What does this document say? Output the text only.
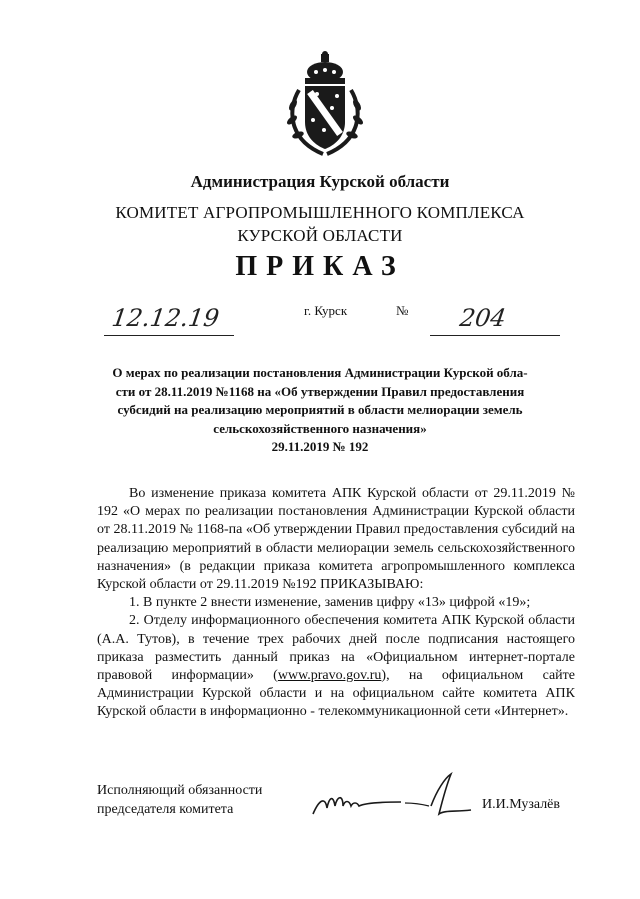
Администрация Курской области
КОМИТЕТ АГРОПРОМЫШЛЕННОГО КОМПЛЕКСА
КУРСКОЙ ОБЛАСТИ
ПРИКАЗ
12.12.19	г. Курск	№ 204
О мерах по реализации постановления Администрации Курской обла-
сти от 28.11.2019 №1168 на «Об утверждении Правил предоставления
субсидий на реализацию мероприятий в области мелиорации земель
сельскохозяйственного назначения»
29.11.2019 № 192

Во изменение приказа комитета АПК Курской области от 29.11.2019 № 192 «О мерах по реализации постановления Администрации Курской области от 28.11.2019 № 1168-па «Об утверждении Правил предоставления субсидий на реализацию мероприятий в области мелиорации земель сельскохозяйственного назначения» (в редакции приказа комитета агропромышленного комплекса Курской области от 29.11.2019 №192 ПРИКАЗЫВАЮ:

1. В пункте 2 внести изменение, заменив цифру «13» цифрой «19»;

2. Отделу информационного обеспечения комитета АПК Курской области (А.А. Тутов), в течение трех рабочих дней после подписания настоящего приказа разместить данный приказ на «Официальном интернет-портале правовой информации» (www.pravo.gov.ru), на официальном сайте Администрации Курской области и на официальном сайте комитета АПК Курской области в информационно - телекоммуникационной сети «Интернет».

Исполняющий обязанности
председателя комитета	И.И.Музалёв
